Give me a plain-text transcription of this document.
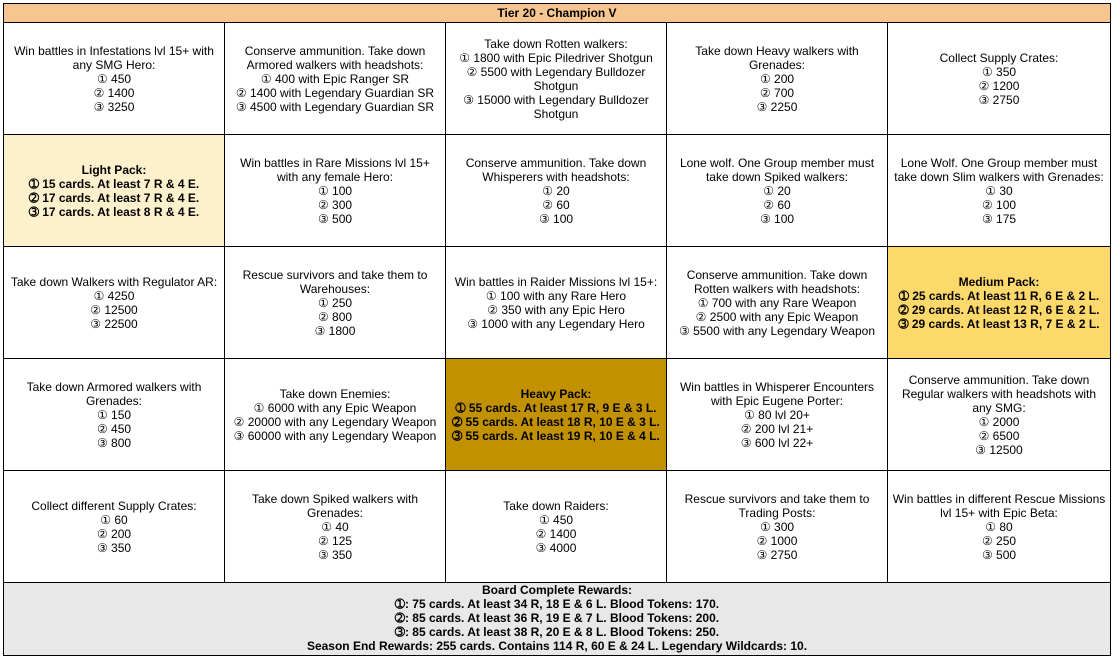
Tier 20 - Champion V
Win battles in Infestations lvl 15+ with any SMG Hero:
① 450
② 1400
③ 3250
Conserve ammunition. Take down Armored walkers with headshots:
① 400 with Epic Ranger SR
② 1400 with Legendary Guardian SR
③ 4500 with Legendary Guardian SR
Take down Rotten walkers:
① 1800 with Epic Piledriver Shotgun
② 5500 with Legendary Bulldozer Shotgun
③ 15000 with Legendary Bulldozer Shotgun
Take down Heavy walkers with Grenades:
① 200
② 700
③ 2250
Collect Supply Crates:
① 350
② 1200
③ 2750
Light Pack:
➀ 15 cards. At least 7 R & 4 E.
➁ 17 cards. At least 7 R & 4 E.
➂ 17 cards. At least 8 R & 4 E.
Win battles in Rare Missions lvl 15+ with any female Hero:
① 100
② 300
③ 500
Conserve ammunition. Take down Whisperers with headshots:
① 20
② 60
③ 100
Lone wolf. One Group member must take down Spiked walkers:
① 20
② 60
③ 100
Lone Wolf. One Group member must take down Slim walkers with Grenades:
① 30
② 100
③ 175
Take down Walkers with Regulator AR:
① 4250
② 12500
③ 22500
Rescue survivors and take them to Warehouses:
① 250
② 800
③ 1800
Win battles in Raider Missions lvl 15+:
① 100 with any Rare Hero
② 350 with any Epic Hero
③ 1000 with any Legendary Hero
Conserve ammunition. Take down Rotten walkers with headshots:
① 700 with any Rare Weapon
② 2500 with any Epic Weapon
③ 5500 with any Legendary Weapon
Medium Pack:
➀ 25 cards. At least 11 R, 6 E & 2 L.
➁ 29 cards. At least 12 R, 6 E & 2 L.
➂ 29 cards. At least 13 R, 7 E & 2 L.
Take down Armored walkers with Grenades:
① 150
② 450
③ 800
Take down Enemies:
① 6000 with any Epic Weapon
② 20000 with any Legendary Weapon
③ 60000 with any Legendary Weapon
Heavy Pack:
➀ 55 cards. At least 17 R, 9 E & 3 L.
➁ 55 cards. At least 18 R, 10 E & 3 L.
➂ 55 cards. At least 19 R, 10 E & 4 L.
Win battles in Whisperer Encounters with Epic Eugene Porter:
① 80 lvl 20+
② 200 lvl 21+
③ 600 lvl 22+
Conserve ammunition. Take down Regular walkers with headshots with any SMG:
① 2000
② 6500
③ 12500
Collect different Supply Crates:
① 60
② 200
③ 350
Take down Spiked walkers with Grenades:
① 40
② 125
③ 350
Take down Raiders:
① 450
② 1400
③ 4000
Rescue survivors and take them to Trading Posts:
① 300
② 1000
③ 2750
Win battles in different Rescue Missions lvl 15+ with Epic Beta:
① 80
② 250
③ 500
Board Complete Rewards:
➀: 75 cards. At least 34 R, 18 E & 6 L. Blood Tokens: 170.
➁: 85 cards. At least 36 R, 19 E & 7 L. Blood Tokens: 200.
➂: 85 cards. At least 38 R, 20 E & 8 L. Blood Tokens: 250.
Season End Rewards: 255 cards. Contains 114 R, 60 E & 24 L. Legendary Wildcards: 10.
